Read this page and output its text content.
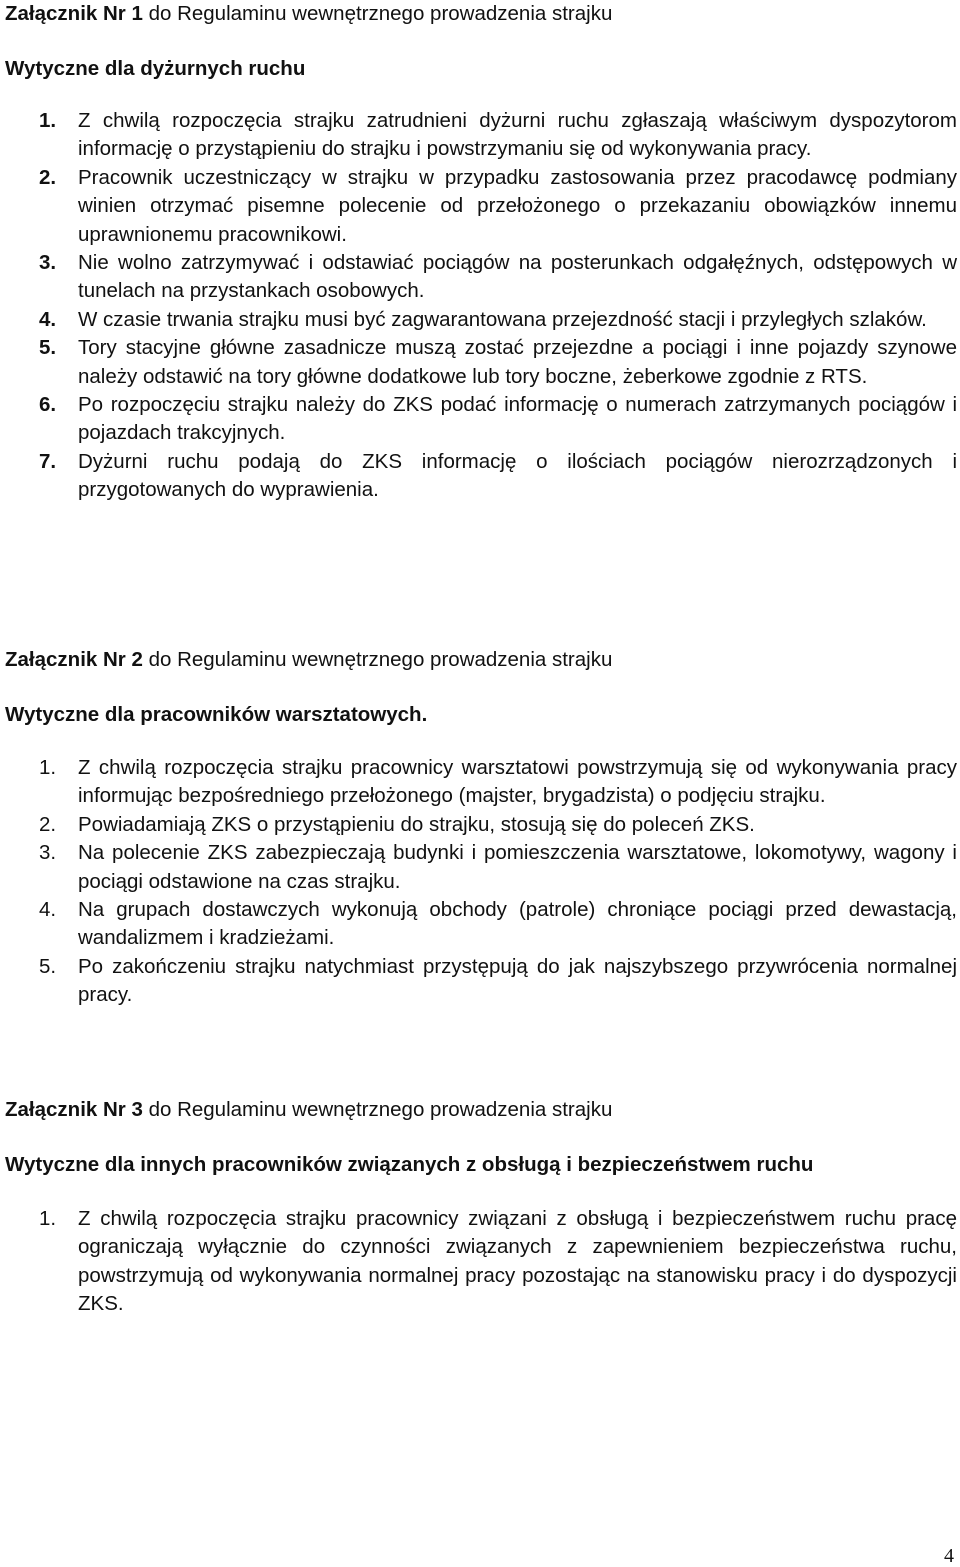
Załącznik Nr 1 do Regulaminu wewnętrznego prowadzenia strajku
Wytyczne dla dyżurnych ruchu
1. Z chwilą rozpoczęcia strajku zatrudnieni dyżurni ruchu zgłaszają właściwym dyspozytorom informację o przystąpieniu do strajku i powstrzymaniu się od wykonywania pracy.
2. Pracownik uczestniczący w strajku w przypadku zastosowania przez pracodawcę podmiany winien otrzymać pisemne polecenie od przełożonego o przekazaniu obowiązków innemu uprawnionemu pracownikowi.
3. Nie wolno zatrzymywać i odstawiać pociągów na posterunkach odgałęźnych, odstępowych w tunelach na przystankach osobowych.
4. W czasie trwania strajku musi być zagwarantowana przejezdność stacji i przyległych szlaków.
5. Tory stacyjne główne zasadnicze muszą zostać przejezdne a pociągi i inne pojazdy szynowe należy odstawić na tory główne dodatkowe lub tory boczne, żeberkowe zgodnie z RTS.
6. Po rozpoczęciu strajku należy do ZKS podać informację o numerach zatrzymanych pociągów i pojazdach trakcyjnych.
7. Dyżurni ruchu podają do ZKS informację o ilościach pociągów nierozrządzonych i przygotowanych do wyprawienia.
Załącznik Nr 2 do Regulaminu wewnętrznego prowadzenia strajku
Wytyczne dla pracowników warsztatowych.
1. Z chwilą rozpoczęcia strajku pracownicy warsztatowi powstrzymują się od wykonywania pracy informując bezpośredniego przełożonego (majster, brygadzista) o podjęciu strajku.
2. Powiadamiają ZKS o przystąpieniu do strajku, stosują się do poleceń ZKS.
3. Na polecenie ZKS zabezpieczają budynki i pomieszczenia warsztatowe, lokomotywy, wagony i pociągi odstawione na czas strajku.
4. Na grupach dostawczych wykonują obchody (patrole) chroniące pociągi przed dewastacją, wandalizmem i kradzieżami.
5. Po zakończeniu strajku natychmiast przystępują do jak najszybszego przywrócenia normalnej pracy.
Załącznik Nr 3 do Regulaminu wewnętrznego prowadzenia strajku
Wytyczne dla innych pracowników związanych z obsługą i bezpieczeństwem ruchu
1. Z chwilą rozpoczęcia strajku pracownicy związani z obsługą i bezpieczeństwem ruchu pracę ograniczają wyłącznie do czynności związanych z zapewnieniem bezpieczeństwa ruchu, powstrzymują od wykonywania normalnej pracy pozostając na stanowisku pracy i do dyspozycji ZKS.
4
